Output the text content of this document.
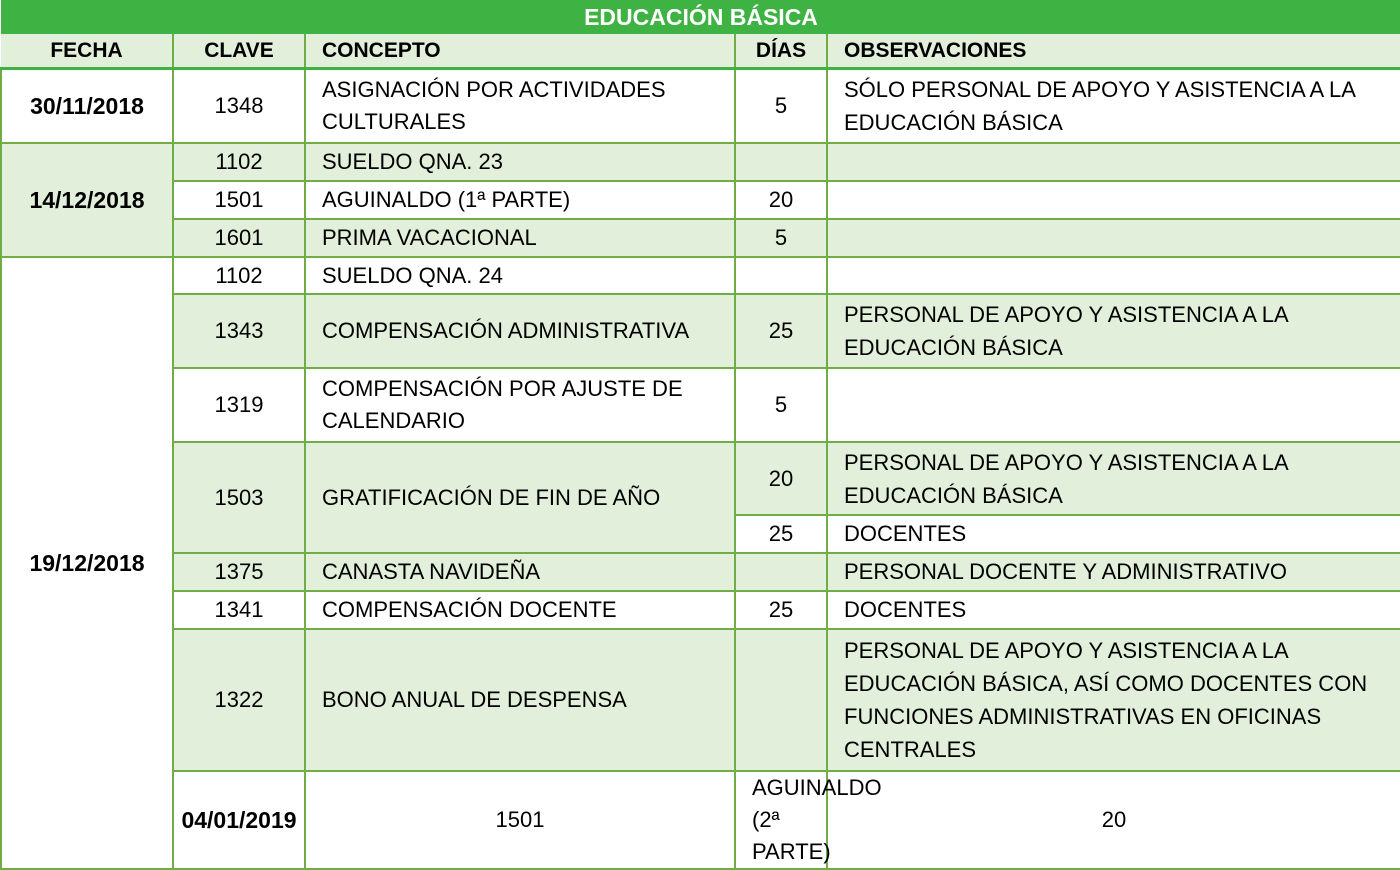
EDUCACIÓN BÁSICA					
FECHA	CLAVE	CONCEPTO	DÍAS	OBSERVACIONES	
30/11/2018	1348	ASIGNACIÓN POR ACTIVIDADES CULTURALES	5	SÓLO PERSONAL DE APOYO Y ASISTENCIA A LA EDUCACIÓN BÁSICA	
14/12/2018	1102	SUELDO QNA. 23			
	1501	AGUINALDO (1ª PARTE)	20		
	1601	PRIMA VACACIONAL	5		
19/12/2018	1102	SUELDO QNA. 24			
	1343	COMPENSACIÓN ADMINISTRATIVA	25	PERSONAL DE APOYO Y ASISTENCIA A LA EDUCACIÓN BÁSICA	
	1319	COMPENSACIÓN POR AJUSTE DE CALENDARIO	5		
	1503	GRATIFICACIÓN DE FIN DE AÑO	20	PERSONAL DE APOYO Y ASISTENCIA A LA EDUCACIÓN BÁSICA	
			25	DOCENTES	
	1375	CANASTA NAVIDEÑA		PERSONAL DOCENTE Y ADMINISTRATIVO	
	1341	COMPENSACIÓN DOCENTE	25	DOCENTES	
	1322	BONO ANUAL DE DESPENSA		PERSONAL DE APOYO Y ASISTENCIA A LA EDUCACIÓN BÁSICA, ASÍ COMO DOCENTES CON FUNCIONES ADMINISTRATIVAS EN OFICINAS CENTRALES	
	04/01/2019	1501	AGUINALDO (2ª PARTE)	20	
